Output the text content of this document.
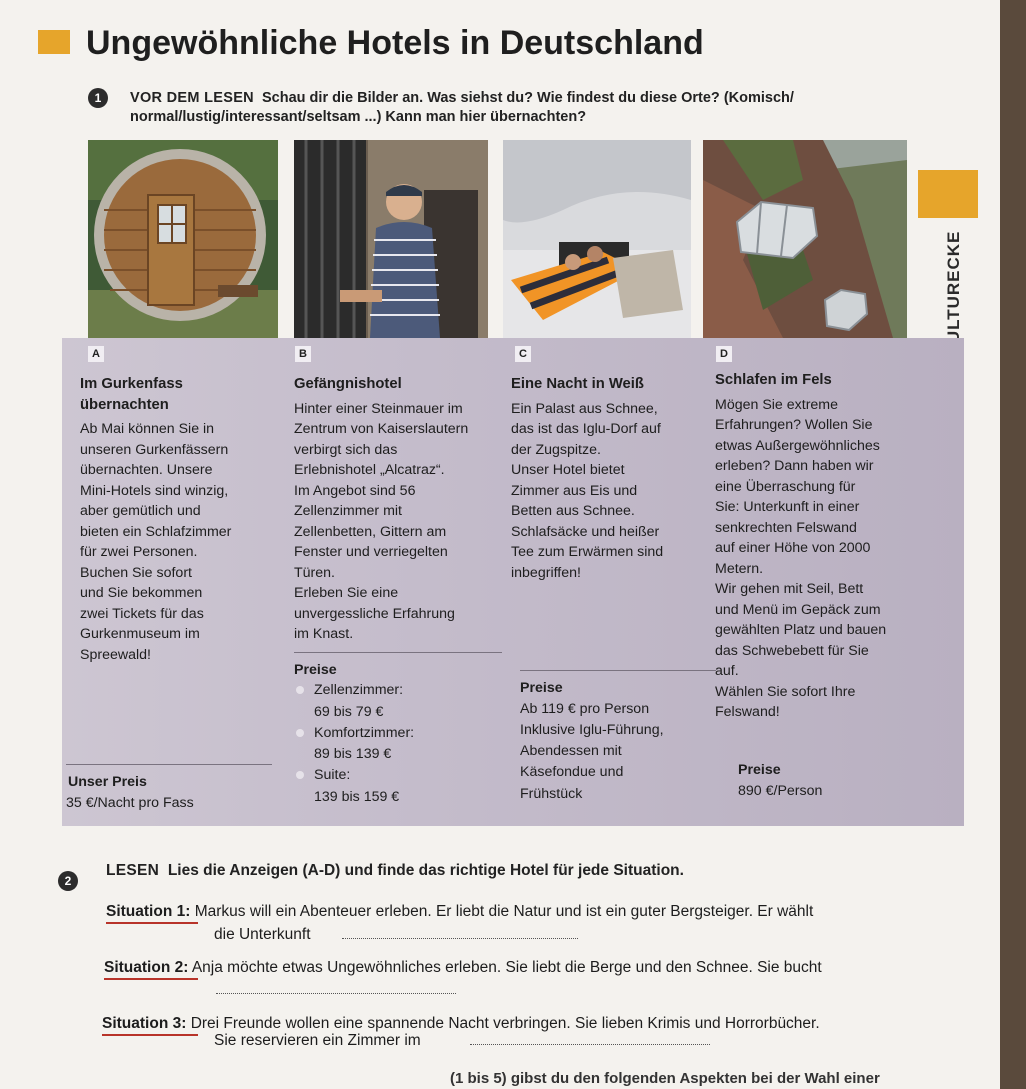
Ungewöhnliche Hotels in Deutschland
1	VOR DEM LESEN Schau dir die Bilder an. Was siehst du? Wie findest du diese Orte? (Komisch/
normal/lustig/interessant/seltsam ...) Kann man hier übernachten?
A	B	C	D
Im Gurkenfass
übernachten
Ab Mai können Sie in
unseren Gurkenfässern
übernachten. Unsere
Mini-Hotels sind winzig,
aber gemütlich und
bieten ein Schlafzimmer
für zwei Personen.
Buchen Sie sofort
und Sie bekommen
zwei Tickets für das
Gurkenmuseum im
Spreewald!
Unser Preis
35 €/Nacht pro Fass
Gefängnishotel
Hinter einer Steinmauer im
Zentrum von Kaiserslautern
verbirgt sich das
Erlebnishotel „Alcatraz“.
Im Angebot sind 56
Zellenzimmer mit
Zellenbetten, Gittern am
Fenster und verriegelten
Türen.
Erleben Sie eine
unvergessliche Erfahrung
im Knast.
Preise
Zellenzimmer:
69 bis 79 €
Komfortzimmer:
89 bis 139 €
Suite:
139 bis 159 €
Eine Nacht in Weiß
Ein Palast aus Schnee,
das ist das Iglu-Dorf auf
der Zugspitze.
Unser Hotel bietet
Zimmer aus Eis und
Betten aus Schnee.
Schlafsäcke und heißer
Tee zum Erwärmen sind
inbegriffen!
Preise
Ab 119 € pro Person
Inklusive Iglu-Führung,
Abendessen mit
Käsefondue und
Frühstück
Schlafen im Fels
Mögen Sie extreme
Erfahrungen? Wollen Sie
etwas Außergewöhnliches
erleben? Dann haben wir
eine Überraschung für
Sie: Unterkunft in einer
senkrechten Felswand
auf einer Höhe von 2000
Metern.
Wir gehen mit Seil, Bett
und Menü im Gepäck zum
gewählten Platz und bauen
das Schwebebett für Sie
auf.
Wählen Sie sofort Ihre
Felswand!
Preise
890 €/Person
2
LESEN Lies die Anzeigen (A-D) und finde das richtige Hotel für jede Situation.
Situation 1: Markus will ein Abenteuer erleben. Er liebt die Natur und ist ein guter Bergsteiger. Er wählt
die Unterkunft
Situation 2: Anja möchte etwas Ungewöhnliches erleben. Sie liebt die Berge und den Schnee. Sie bucht
Situation 3: Drei Freunde wollen eine spannende Nacht verbringen. Sie lieben Krimis und Horrorbücher.
Sie reservieren ein Zimmer im
(1 bis 5) gibst du den folgenden Aspekten bei der Wahl einer
